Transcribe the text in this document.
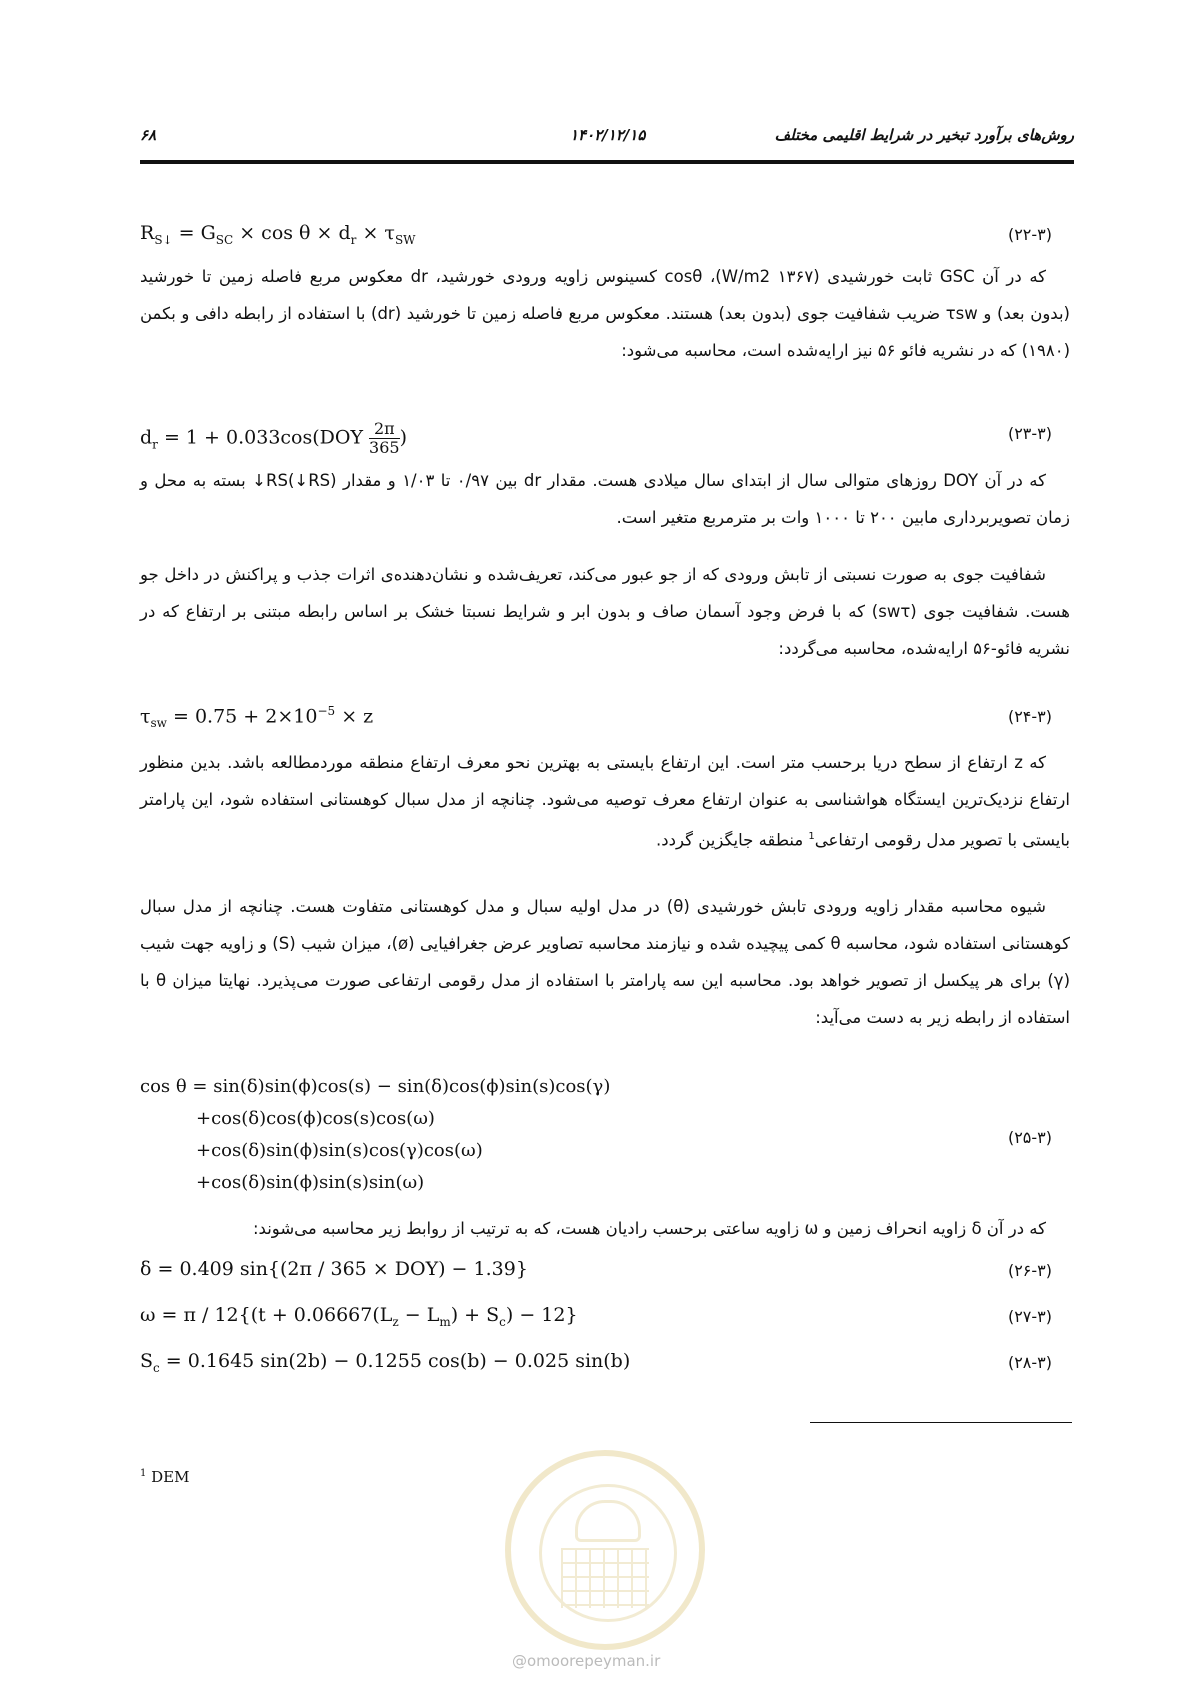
روش‌های برآورد تبخیر در شرایط اقلیمی مختلف
۱۴۰۲/۱۲/۱۵
۶۸
$R_{S↓} = G_{SC} \times \cos \theta \times d_r \times \tau_{SW}$	(۲۲-۳)

که در آن GSC ثابت خورشیدی (۱۳۶۷ W/m2)، cosθ کسینوس زاویه ورودی خورشید، dr معکوس مربع فاصله زمین تا خورشید (بدون بعد) و τsw ضریب شفافیت جوی (بدون بعد) هستند. معکوس مربع فاصله زمین تا خورشید (dr) با استفاده از رابطه دافی و بکمن (۱۹۸۰) که در نشریه فائو ۵۶ نیز ارایه‌شده است، محاسبه می‌شود:

$d_r = 1 + 0.033\cos(DOY \frac{2\pi}{365}$ )	(۲۳-۳)

که در آن DOY روزهای متوالی سال از ابتدای سال میلادی هست. مقدار dr بین ۰/۹۷ تا ۱/۰۳ و مقدار (RS↓)RS↓ بسته به محل و زمان تصویربرداری مابین ۲۰۰ تا ۱۰۰۰ وات بر مترمربع متغیر است.

شفافیت جوی به صورت نسبتی از تابش ورودی که از جو عبور می‌کند، تعریف‌شده و نشان‌دهنده‌ی اثرات جذب و پراکنش در داخل جو هست. شفافیت جوی (swτ) که با فرض وجود آسمان صاف و بدون ابر و شرایط نسبتا خشک بر اساس رابطه مبتنی بر ارتفاع که در نشریه فائو-۵۶ ارایه‌شده، محاسبه می‌گردد:

$\tau_{sw} = 0.75 + 2\times 10^{-5} \times z$	(۲۴-۳)

که z ارتفاع از سطح دریا برحسب متر است. این ارتفاع بایستی به بهترین نحو معرف ارتفاع منطقه موردمطالعه باشد. بدین منظور ارتفاع نزدیک‌ترین ایستگاه هواشناسی به عنوان ارتفاع معرف توصیه می‌شود. چنانچه از مدل سبال کوهستانی استفاده شود، این پارامتر بایستی با تصویر مدل رقومی ارتفاعی$^1$ منطقه جایگزین گردد.

شیوه محاسبه مقدار زاویه ورودی تابش خورشیدی (θ) در مدل اولیه سبال و مدل کوهستانی متفاوت هست. چنانچه از مدل سبال کوهستانی استفاده شود، محاسبه θ کمی پیچیده شده و نیازمند محاسبه تصاویر عرض جغرافیایی (ø)، میزان شیب (S) و زاویه جهت شیب (γ) برای هر پیکسل از تصویر خواهد بود. محاسبه این سه پارامتر با استفاده از مدل رقومی ارتفاعی صورت می‌پذیرد. نهایتا میزان θ با استفاده از رابطه زیر به دست می‌آید:

cos θ = sin(δ)sin(ϕ)cos(s) − sin(δ)cos(ϕ)sin(s)cos(γ)
+cos(δ)cos(ϕ)cos(s)cos(ω)
+cos(δ)sin(ϕ)sin(s)cos(γ)cos(ω)
+cos(δ)sin(ϕ)sin(s)sin(ω)
(۲۵-۳)

که در آن δ زاویه انحراف زمین و ω زاویه ساعتی برحسب رادیان هست، که به ترتیب از روابط زیر محاسبه می‌شوند:

δ = 0.409 sin{(2π / 365 × DOY) − 1.39}	(۲۶-۳)
$\omega = \pi / 12\{(t + 0.06667(L_z - L_m) + S_c) - 12\}$	(۲۷-۳)
$S_c = 0.1645$ sin(2b) − 0.1255 cos(b) − 0.025 sin(b)	(۲۸-۳)
$^1$ DEM
@omoorepeyman.ir
